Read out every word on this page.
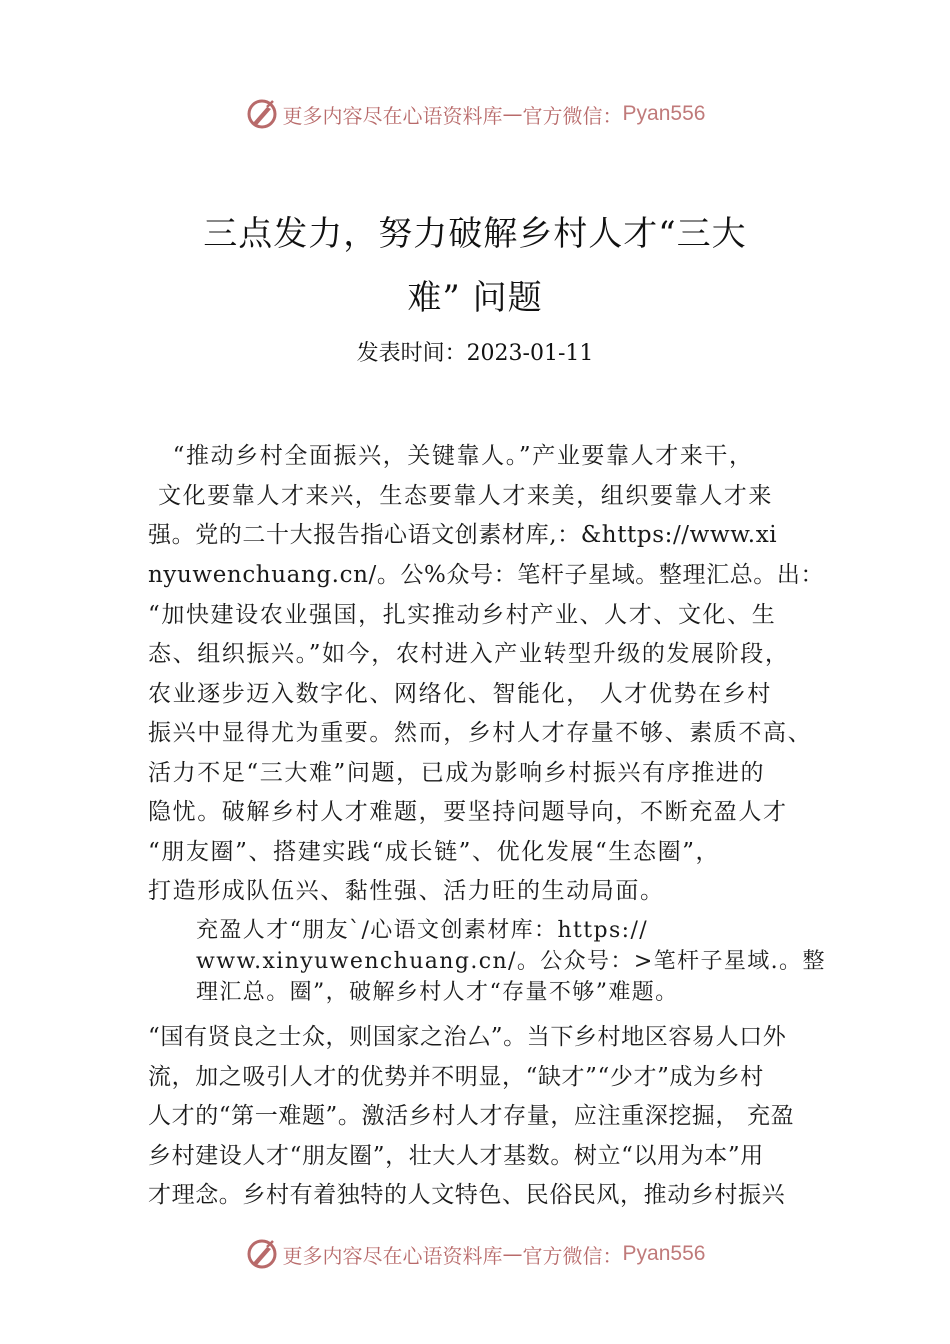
更多内容尽在心语资料库 — 官方微信： Pyan556
三点发力，努力破解乡村人才“三大
难” 问题
发表时间：2023-01-11
　“推动乡村全面振兴，关键靠人。”产业要靠人才来干，
文化要靠人才来兴，生态要靠人才来美，组织要靠人才来
强。党的二十大报告指心语文创素材库,：&https://www.xi
nyuwenchuang.cn/。公%众号：笔杆子星域。整理汇总。出：
“加快建设农业强国，扎实推动乡村产业、人才、文化、生
态、组织振兴。”如今，农村进入产业转型升级的发展阶段，
农业逐步迈入数字化、网络化、智能化， 人才优势在乡村
振兴中显得尤为重要。然而，乡村人才存量不够、素质不高、
活力不足“三大难”问题，已成为影响乡村振兴有序推进的
隐忧。破解乡村人才难题，要坚持问题导向，不断充盈人才
“朋友圈”、搭建实践“成长链”、优化发展“生态圈”，
打造形成队伍兴、黏性强、活力旺的生动局面。
充盈人才“朋友`/心语文创素材库：https://
www.xinyuwenchuang.cn/。公众号：>笔杆子星域.。整
理汇总。圈”，破解乡村人才“存量不够”难题。
“国有贤良之士众，则国家之治厶”。当下乡村地区容易人口外
流，加之吸引人才的优势并不明显，“缺才”“少才”成为乡村
人才的“第一难题”。激活乡村人才存量，应注重深挖掘， 充盈
乡村建设人才“朋友圈”，壮大人才基数。树立“以用为本”用
才理念。乡村有着独特的人文特色、民俗民风，推动乡村振兴
更多内容尽在心语资料库 — 官方微信： Pyan556
